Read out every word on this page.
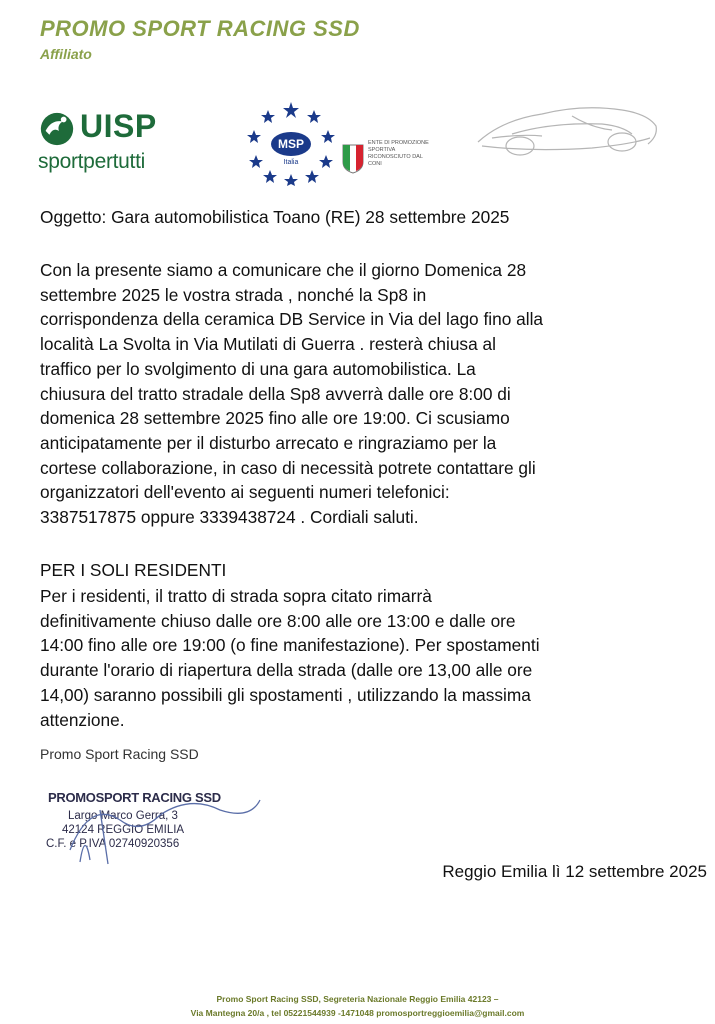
PROMO SPORT RACING SSD
Affiliato
UISP
sportpertutti
MSP
Italia
ENTE DI PROMOZIONE SPORTIVA RICONOSCIUTO DAL CONI
Oggetto: Gara automobilistica Toano (RE) 28 settembre 2025
Con la presente siamo a comunicare che il giorno Domenica 28
settembre 2025 le vostra strada , nonché la Sp8 in
corrispondenza della ceramica DB Service in Via del lago fino alla
località La Svolta in Via Mutilati di Guerra . resterà chiusa al
traffico per lo svolgimento di una gara automobilistica. La
chiusura del tratto stradale della Sp8 avverrà dalle ore 8:00 di
domenica 28 settembre 2025 fino alle ore 19:00. Ci scusiamo
anticipatamente per il disturbo arrecato e ringraziamo per la
cortese collaborazione, in caso di necessità potrete contattare gli
organizzatori dell'evento ai seguenti numeri telefonici:
3387517875 oppure 3339438724 . Cordiali saluti.
PER I SOLI RESIDENTI
Per i residenti, il tratto di strada sopra citato rimarrà
definitivamente chiuso dalle ore 8:00 alle ore 13:00 e dalle ore
14:00 fino alle ore 19:00 (o fine manifestazione). Per spostamenti
durante l'orario di riapertura della strada (dalle ore 13,00 alle ore
14,00) saranno possibili gli spostamenti , utilizzando la massima
attenzione.
Promo Sport Racing SSD
PROMOSPORT RACING SSD
Largo Marco Gerra, 3
42124 REGGIO EMILIA
C.F. e P.IVA 02740920356
Reggio Emilia lì 12 settembre 2025
Promo Sport Racing SSD, Segreteria Nazionale Reggio Emilia 42123 –
Via Mantegna 20/a , tel 05221544939 -1471048 promosportreggioemilia@gmail.com
